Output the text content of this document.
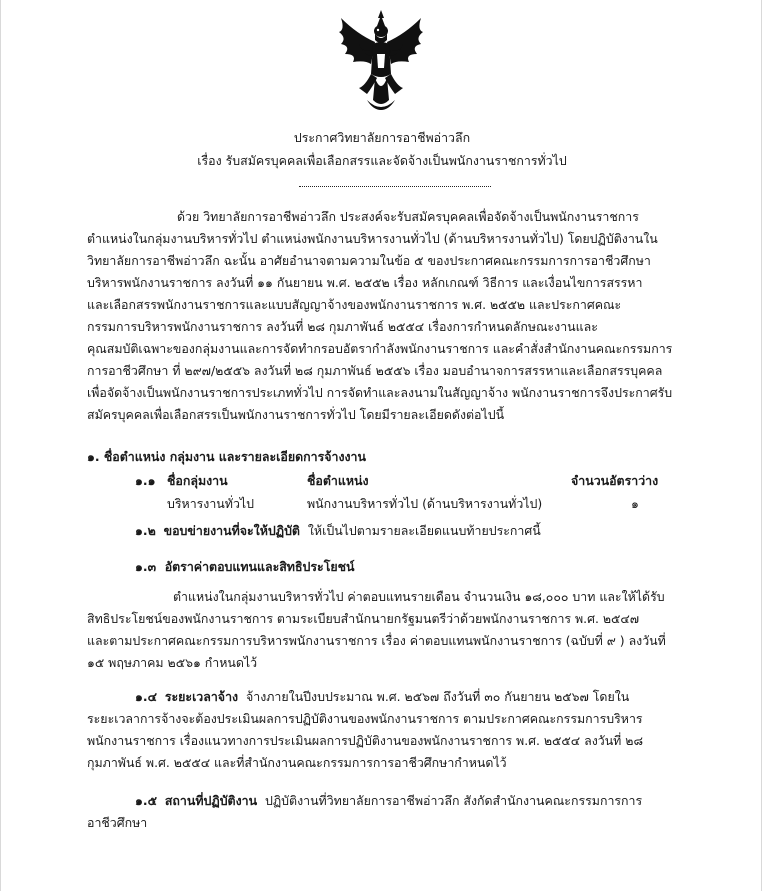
ประกาศวิทยาลัยการอาชีพอ่าวลึก
เรื่อง รับสมัครบุคคลเพื่อเลือกสรรและจัดจ้างเป็นพนักงานราชการทั่วไป
ด้วย วิทยาลัยการอาชีพอ่าวลึก ประสงค์จะรับสมัครบุคคลเพื่อจัดจ้างเป็นพนักงานราชการ
ตำแหน่งในกลุ่มงานบริหารทั่วไป ตำแหน่งพนักงานบริหารงานทั่วไป (ด้านบริหารงานทั่วไป) โดยปฏิบัติงานใน
วิทยาลัยการอาชีพอ่าวลึก ฉะนั้น อาศัยอำนาจตามความในข้อ ๕ ของประกาศคณะกรรมการการอาชีวศึกษา
บริหารพนักงานราชการ ลงวันที่ ๑๑ กันยายน พ.ศ. ๒๕๕๒ เรื่อง หลักเกณฑ์ วิธีการ และเงื่อนไขการสรรหา
และเลือกสรรพนักงานราชการและแบบสัญญาจ้างของพนักงานราชการ พ.ศ. ๒๕๕๒ และประกาศคณะ
กรรมการบริหารพนักงานราชการ ลงวันที่ ๒๘ กุมภาพันธ์ ๒๕๕๔ เรื่องการกำหนดลักษณะงานและ
คุณสมบัติเฉพาะของกลุ่มงานและการจัดทำกรอบอัตรากำลังพนักงานราชการ และคำสั่งสำนักงานคณะกรรมการ
การอาชีวศึกษา ที่ ๒๙๗/๒๕๕๖ ลงวันที่ ๒๘ กุมภาพันธ์ ๒๕๕๖ เรื่อง มอบอำนาจการสรรหาและเลือกสรรบุคคล
เพื่อจัดจ้างเป็นพนักงานราชการประเภททั่วไป การจัดทำและลงนามในสัญญาจ้าง พนักงานราชการจึงประกาศรับ
สมัครบุคคลเพื่อเลือกสรรเป็นพนักงานราชการทั่วไป โดยมีรายละเอียดดังต่อไปนี้
๑. ชื่อตำแหน่ง กลุ่มงาน และรายละเอียดการจ้างงาน
๑.๑ ชื่อกลุ่มงาน	ชื่อตำแหน่ง	จำนวนอัตราว่าง
บริหารงานทั่วไป	พนักงานบริหารทั่วไป (ด้านบริหารงานทั่วไป)	๑
๑.๒ ขอบข่ายงานที่จะให้ปฏิบัติ ให้เป็นไปตามรายละเอียดแนบท้ายประกาศนี้
๑.๓ อัตราค่าตอบแทนและสิทธิประโยชน์
ตำแหน่งในกลุ่มงานบริหารทั่วไป ค่าตอบแทนรายเดือน จำนวนเงิน ๑๘,๐๐๐ บาท และให้ได้รับ
สิทธิประโยชน์ของพนักงานราชการ ตามระเบียบสำนักนายกรัฐมนตรีว่าด้วยพนักงานราชการ พ.ศ. ๒๕๔๗
และตามประกาศคณะกรรมการบริหารพนักงานราชการ เรื่อง ค่าตอบแทนพนักงานราชการ (ฉบับที่ ๙ ) ลงวันที่
๑๕ พฤษภาคม ๒๕๖๑ กำหนดไว้
๑.๔ ระยะเวลาจ้าง จ้างภายในปีงบประมาณ พ.ศ. ๒๕๖๗ ถึงวันที่ ๓๐ กันยายน ๒๕๖๗ โดยใน
ระยะเวลาการจ้างจะต้องประเมินผลการปฏิบัติงานของพนักงานราชการ ตามประกาศคณะกรรมการบริหาร
พนักงานราชการ เรื่องแนวทางการประเมินผลการปฏิบัติงานของพนักงานราชการ พ.ศ. ๒๕๕๔ ลงวันที่ ๒๘
กุมภาพันธ์ พ.ศ. ๒๕๕๔ และที่สำนักงานคณะกรรมการการอาชีวศึกษากำหนดไว้
๑.๕ สถานที่ปฏิบัติงาน ปฏิบัติงานที่วิทยาลัยการอาชีพอ่าวลึก สังกัดสำนักงานคณะกรรมการการ
อาชีวศึกษา
